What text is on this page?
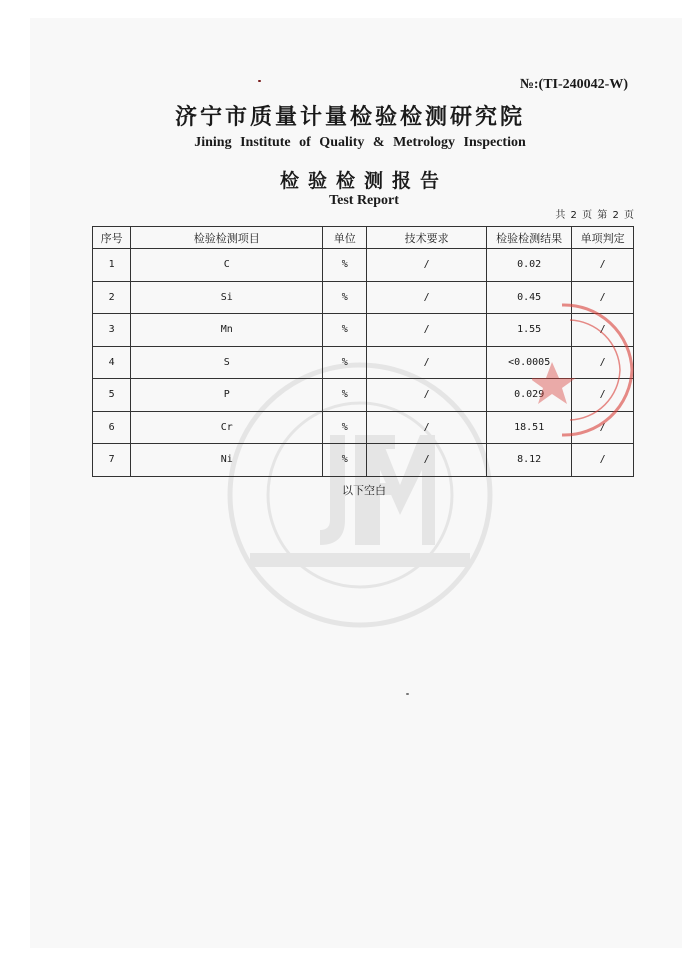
№:(TI-240042-W)
济宁市质量计量检验检测研究院
Jining Institute of Quality & Metrology Inspection
检验检测报告
Test Report
共 2 页 第 2 页
序号	检验检测项目	单位	技术要求	检验检测结果	单项判定
1	C	%	/	0.02	/
2	Si	%	/	0.45	/
3	Mn	%	/	1.55	/
4	S	%	/	<0.0005	/
5	P	%	/	0.029	/
6	Cr	%	/	18.51	/
7	Ni	%	/	8.12	/
以下空白
